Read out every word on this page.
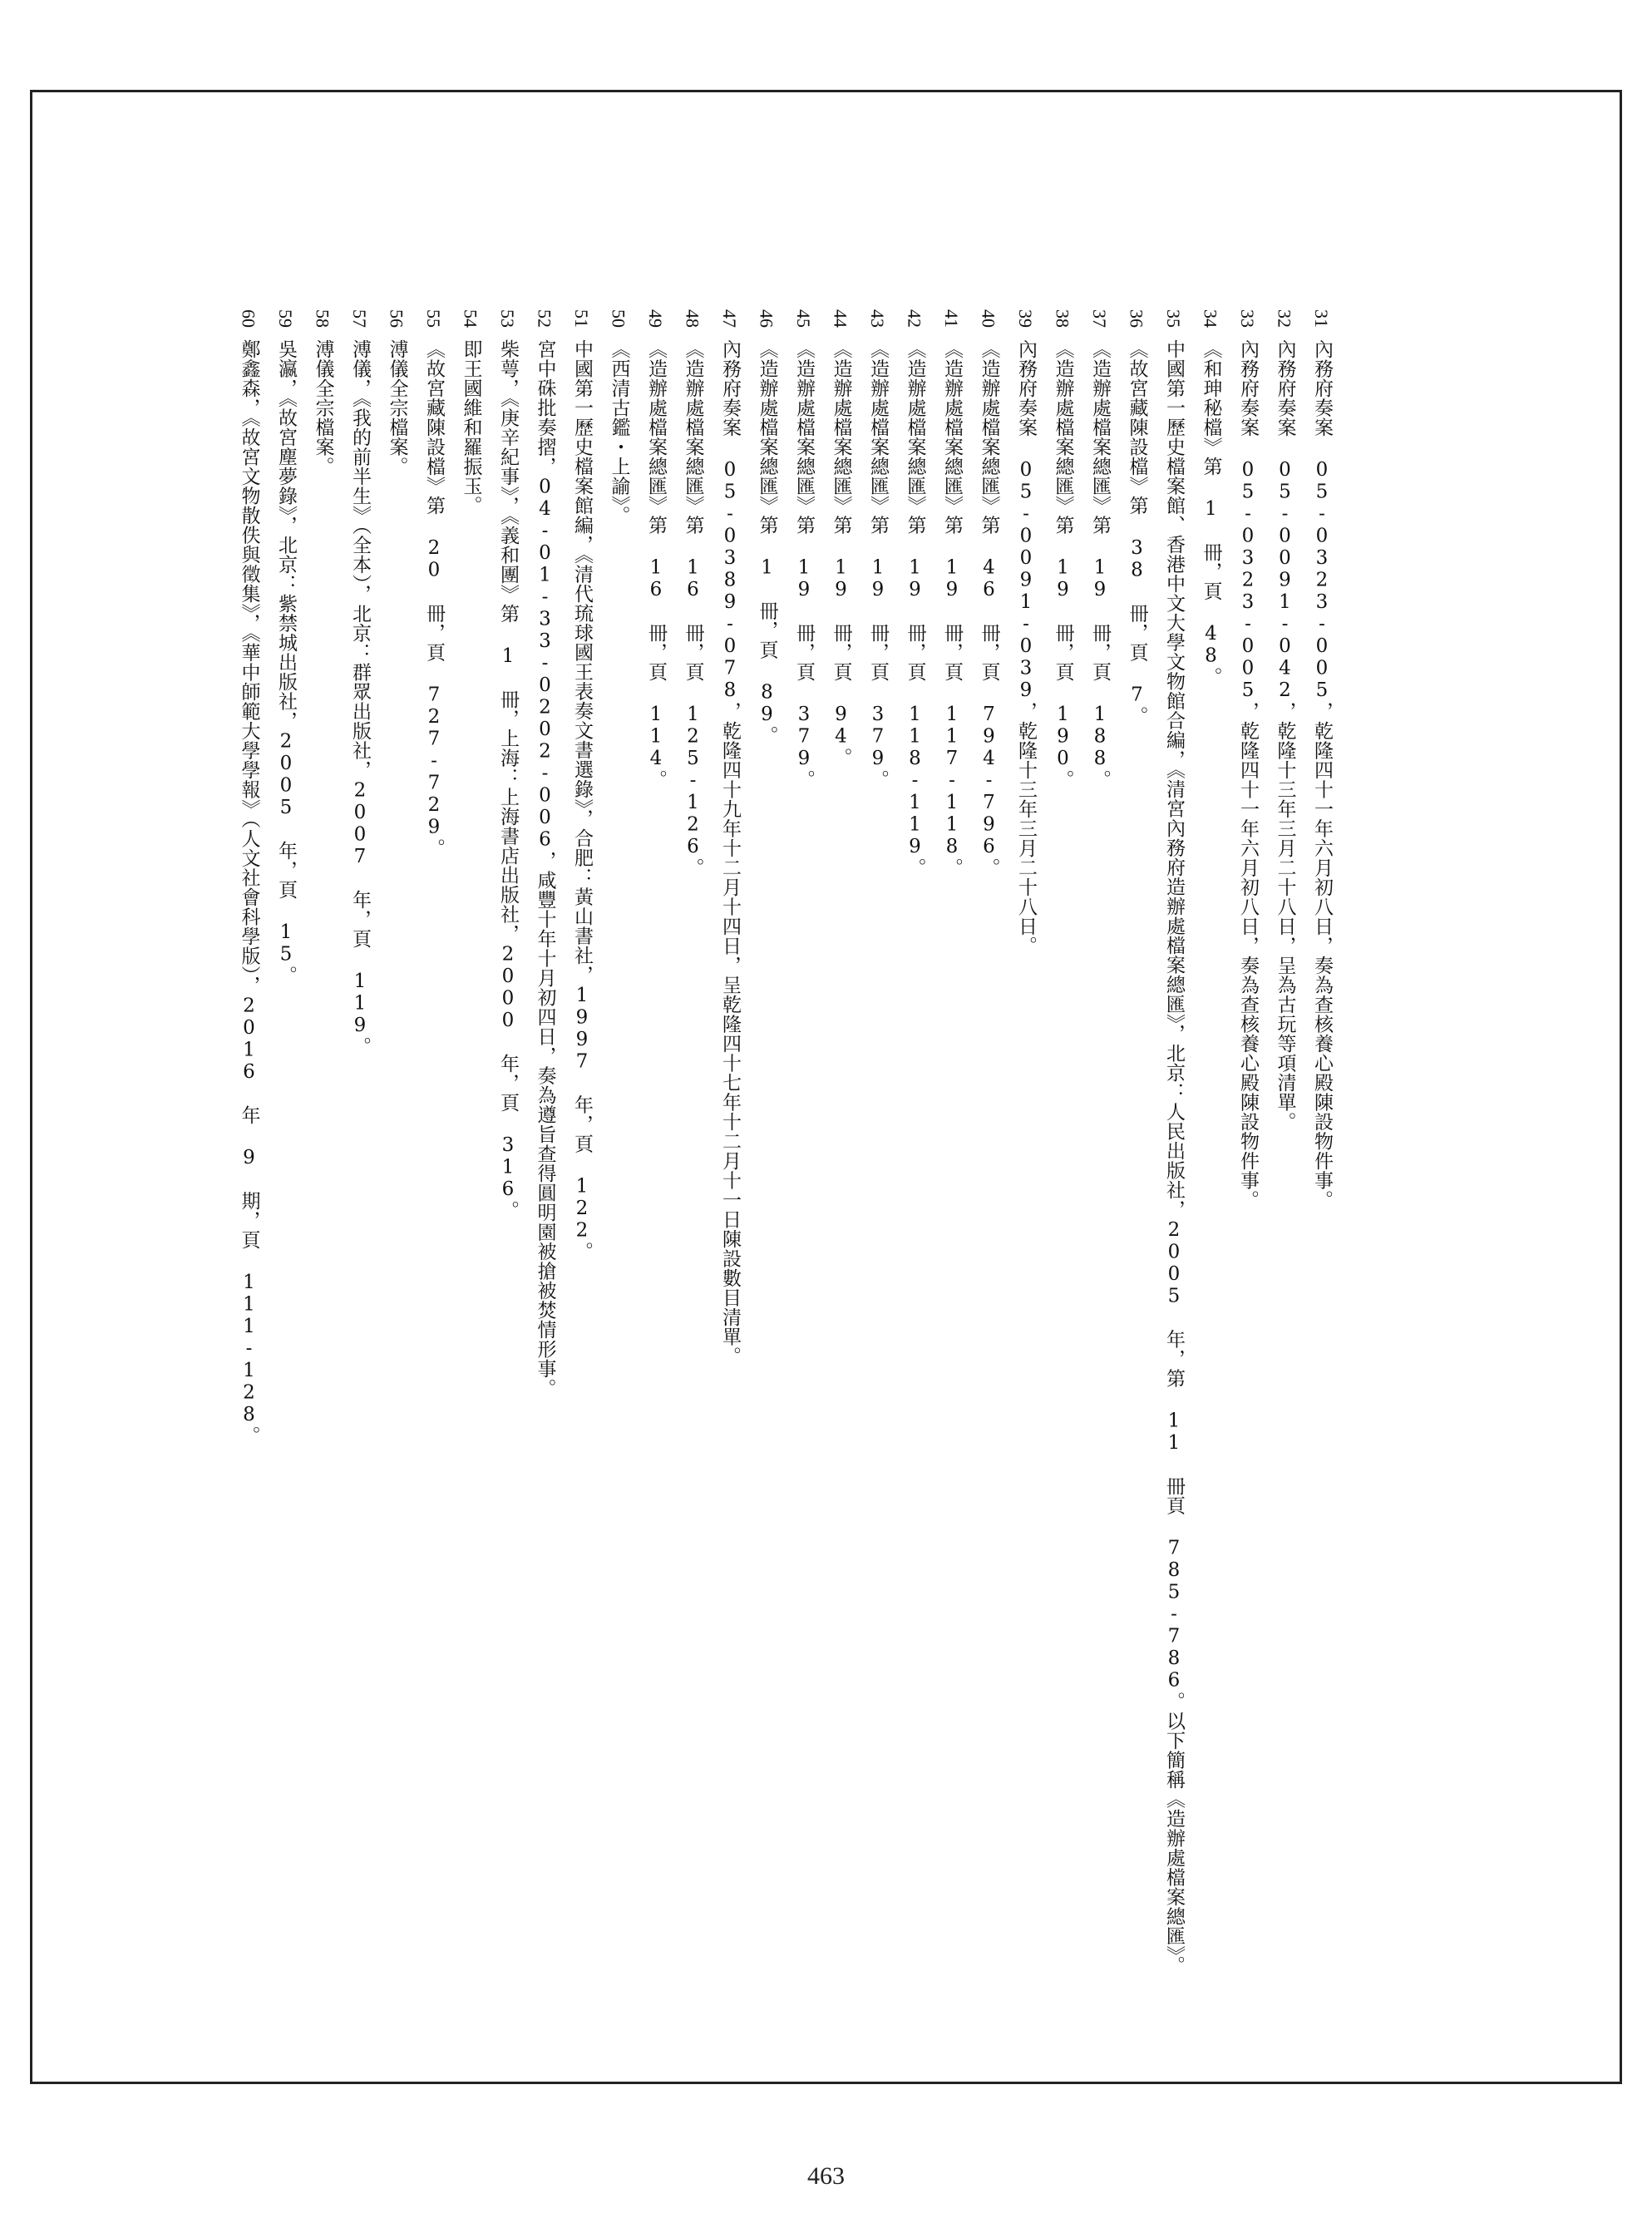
31
內務府奏案 05-0323-005，乾隆四十一年六月初八日，奏為查核養心殿陳設物件事。
32
內務府奏案 05-0091-042，乾隆十三年三月二十八日，呈為古玩等項清單。
33
內務府奏案 05-0323-005，乾隆四十一年六月初八日，奏為查核養心殿陳設物件事。
34
《和珅秘檔》第 1 冊，頁 48。
35
中國第一歷史檔案館、香港中文大學文物館合編，《清宮內務府造辦處檔案總匯》，北京：人民出版社，2005 年，第 11 冊頁 785-786。以下簡稱《造辦處檔案總匯》。
36
《故宮藏陳設檔》第 38 冊，頁 7。
37
《造辦處檔案總匯》第 19 冊，頁 188。
38
《造辦處檔案總匯》第 19 冊，頁 190。
39
內務府奏案 05-0091-039，乾隆十三年三月二十八日。
40
《造辦處檔案總匯》第 46 冊，頁 794-796。
41
《造辦處檔案總匯》第 19 冊，頁 117-118。
42
《造辦處檔案總匯》第 19 冊，頁 118-119。
43
《造辦處檔案總匯》第 19 冊，頁 379。
44
《造辦處檔案總匯》第 19 冊，頁 94。
45
《造辦處檔案總匯》第 19 冊，頁 379。
46
《造辦處檔案總匯》第 1 冊，頁 89。
47
內務府奏案 05-0389-078，乾隆四十九年十二月十四日，呈乾隆四十七年十二月十一日陳設數目清單。
48
《造辦處檔案總匯》第 16 冊，頁 125-126。
49
《造辦處檔案總匯》第 16 冊，頁 114。
50
《西清古鑑・上諭》。
51
中國第一歷史檔案館編，《清代琉球國王表奏文書選錄》，合肥：黃山書社，1997 年，頁 122。
52
宮中硃批奏摺，04-01-33-0202-006，咸豐十年十月初四日，奏為遵旨查得圓明園被搶被焚情形事。
53
柴萼，《庚辛紀事》，《義和團》第 1 冊，上海：上海書店出版社，2000 年，頁 316。
54
即王國維和羅振玉。
55
《故宮藏陳設檔》第 20 冊，頁 727-729。
56
溥儀全宗檔案。
57
溥儀，《我的前半生》（全本），北京：群眾出版社，2007 年，頁 119。
58
溥儀全宗檔案。
59
吳瀛，《故宮塵夢錄》，北京：紫禁城出版社，2005 年，頁 15。
60
鄭鑫森，《故宮文物散佚與徵集》，《華中師範大學學報》（人文社會科學版），2016 年 9 期，頁 111-128。
463
